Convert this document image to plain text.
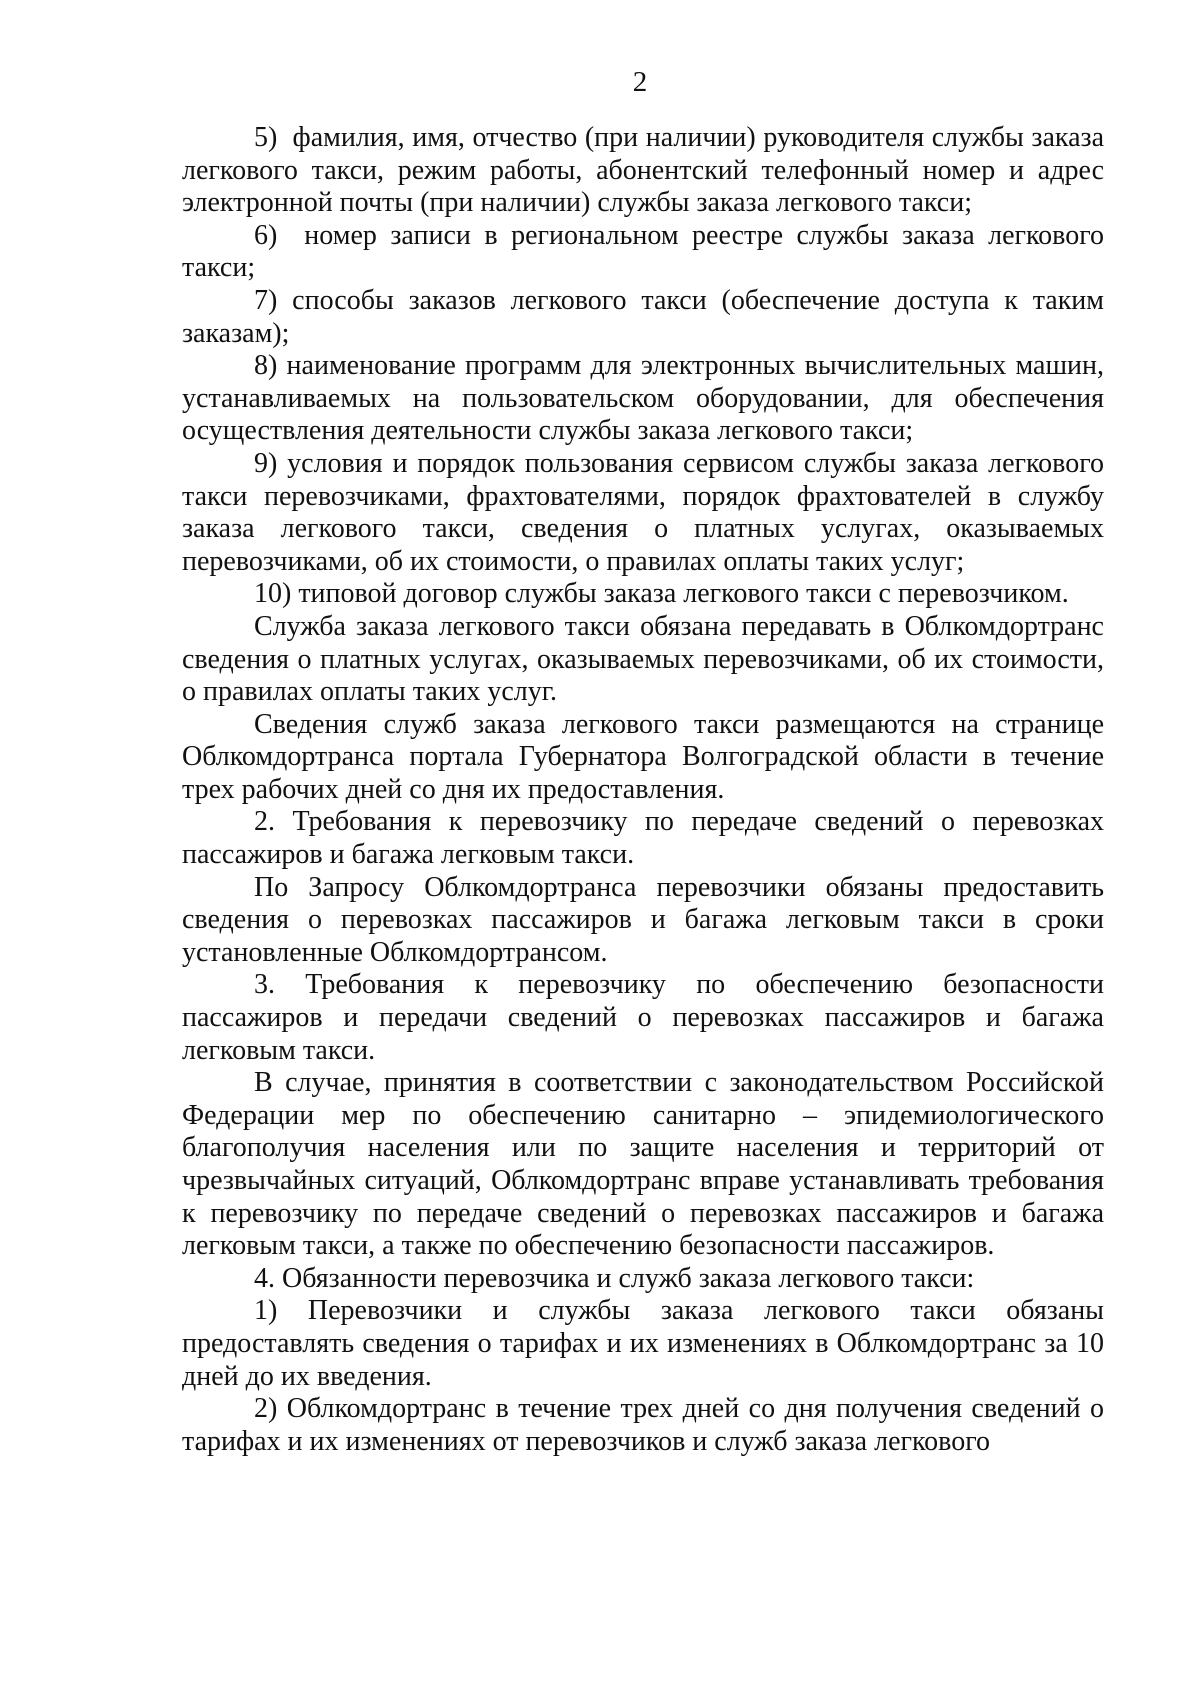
2

5)  фамилия, имя, отчество (при наличии) руководителя службы заказа легкового такси, режим работы, абонентский телефонный номер и адрес электронной почты (при наличии) службы заказа легкового такси;

6)  номер записи в региональном реестре службы заказа легкового такси;

7) способы заказов легкового такси (обеспечение доступа к таким заказам);

8) наименование программ для электронных вычислительных машин, устанавливаемых на пользовательском оборудовании, для обеспечения осуществления деятельности службы заказа легкового такси;

9) условия и порядок пользования сервисом службы заказа легкового такси перевозчиками, фрахтователями, порядок фрахтователей в службу заказа легкового такси, сведения о платных услугах, оказываемых перевозчиками, об их стоимости, о правилах оплаты таких услуг;

10) типовой договор службы заказа легкового такси с перевозчиком.

Служба заказа легкового такси обязана передавать в Облкомдортранс сведения о платных услугах, оказываемых перевозчиками, об их стоимости, о правилах оплаты таких услуг.

Сведения служб заказа легкового такси размещаются на странице Облкомдортранса портала Губернатора Волгоградской области в течение трех рабочих дней со дня их предоставления.

2. Требования к перевозчику по передаче сведений о перевозках пассажиров и багажа легковым такси.

По Запросу Облкомдортранса перевозчики обязаны предоставить сведения о перевозках пассажиров и багажа легковым такси в сроки установленные Облкомдортрансом.

3. Требования к перевозчику по обеспечению безопасности пассажиров и передачи сведений о перевозках пассажиров и багажа легковым такси.

В случае, принятия в соответствии с законодательством Российской Федерации мер по обеспечению санитарно – эпидемиологического благополучия населения или по защите населения и территорий от чрезвычайных ситуаций, Облкомдортранс вправе устанавливать требования к перевозчику по передаче сведений о перевозках пассажиров и багажа легковым такси, а также по обеспечению безопасности пассажиров.

4. Обязанности перевозчика и служб заказа легкового такси:

1) Перевозчики и службы заказа легкового такси обязаны предоставлять сведения о тарифах и их изменениях в Облкомдортранс за 10 дней до их введения.

2) Облкомдортранс в течение трех дней со дня получения сведений о тарифах и их изменениях от перевозчиков и служб заказа легкового
